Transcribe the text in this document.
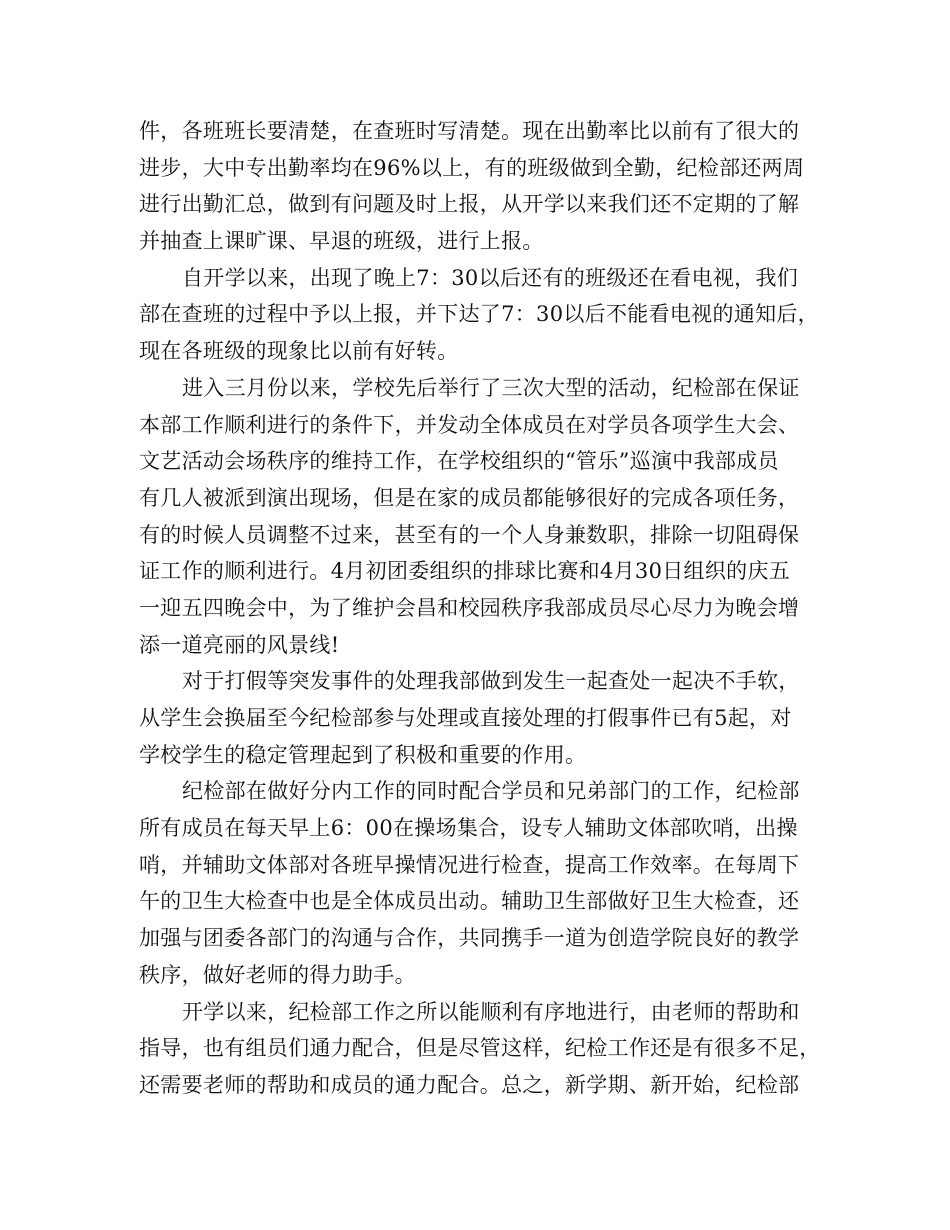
件，各班班长要清楚，在查班时写清楚。现在出勤率比以前有了很大的
进步，大中专出勤率均在96%以上，有的班级做到全勤，纪检部还两周
进行出勤汇总，做到有问题及时上报，从开学以来我们还不定期的了解
并抽查上课旷课、早退的班级，进行上报。
自开学以来，出现了晚上7：30以后还有的班级还在看电视，我们
部在查班的过程中予以上报，并下达了7：30以后不能看电视的通知后，
现在各班级的现象比以前有好转。
进入三月份以来，学校先后举行了三次大型的活动，纪检部在保证
本部工作顺利进行的条件下，并发动全体成员在对学员各项学生大会、
文艺活动会场秩序的维持工作，在学校组织的“管乐”巡演中我部成员
有几人被派到演出现场，但是在家的成员都能够很好的完成各项任务，
有的时候人员调整不过来，甚至有的一个人身兼数职，排除一切阻碍保
证工作的顺利进行。4月初团委组织的排球比赛和4月30日组织的庆五
一迎五四晚会中，为了维护会昌和校园秩序我部成员尽心尽力为晚会增
添一道亮丽的风景线!
对于打假等突发事件的处理我部做到发生一起查处一起决不手软，
从学生会换届至今纪检部参与处理或直接处理的打假事件已有5起，对
学校学生的稳定管理起到了积极和重要的作用。
纪检部在做好分内工作的同时配合学员和兄弟部门的工作，纪检部
所有成员在每天早上6：00在操场集合，设专人辅助文体部吹哨，出操
哨，并辅助文体部对各班早操情况进行检查，提高工作效率。在每周下
午的卫生大检查中也是全体成员出动。辅助卫生部做好卫生大检查，还
加强与团委各部门的沟通与合作，共同携手一道为创造学院良好的教学
秩序，做好老师的得力助手。
开学以来，纪检部工作之所以能顺利有序地进行，由老师的帮助和
指导，也有组员们通力配合，但是尽管这样，纪检工作还是有很多不足，
还需要老师的帮助和成员的通力配合。总之，新学期、新开始，纪检部
